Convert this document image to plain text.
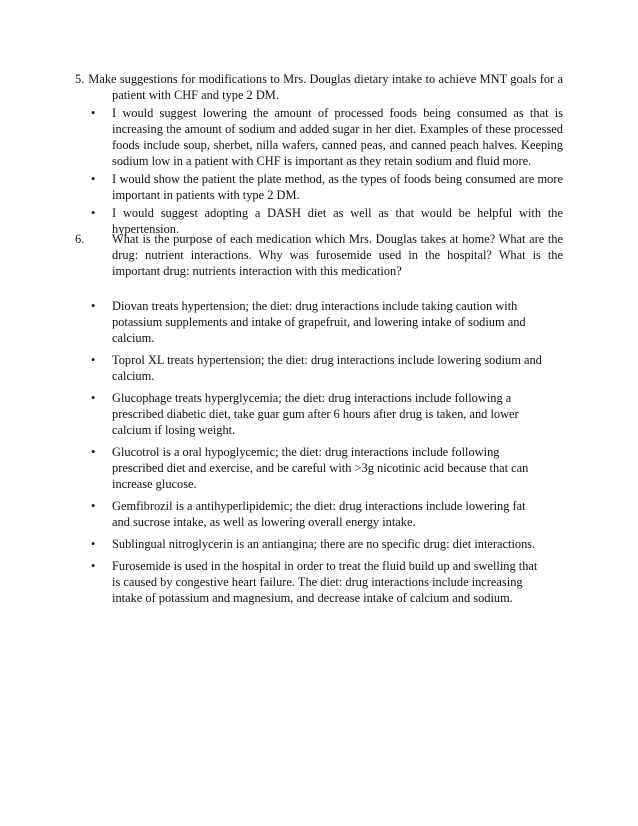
5. Make suggestions for modifications to Mrs. Douglas dietary intake to achieve MNT goals for a patient with CHF and type 2 DM.

• I would suggest lowering the amount of processed foods being consumed as that is increasing the amount of sodium and added sugar in her diet. Examples of these processed foods include soup, sherbet, nilla wafers, canned peas, and canned peach halves. Keeping sodium low in a patient with CHF is important as they retain sodium and fluid more.
• I would show the patient the plate method, as the types of foods being consumed are more important in patients with type 2 DM.
• I would suggest adopting a DASH diet as well as that would be helpful with the hypertension.

6. What is the purpose of each medication which Mrs. Douglas takes at home? What are the drug: nutrient interactions. Why was furosemide used in the hospital? What is the important drug: nutrients interaction with this medication?

• Diovan treats hypertension; the diet: drug interactions include taking caution with potassium supplements and intake of grapefruit, and lowering intake of sodium and calcium.
• Toprol XL treats hypertension; the diet: drug interactions include lowering sodium and calcium.
• Glucophage treats hyperglycemia; the diet: drug interactions include following a prescribed diabetic diet, take guar gum after 6 hours after drug is taken, and lower calcium if losing weight.
• Glucotrol is a oral hypoglycemic; the diet: drug interactions include following prescribed diet and exercise, and be careful with >3g nicotinic acid because that can increase glucose.
• Gemfibrozil is a antihyperlipidemic; the diet: drug interactions include lowering fat and sucrose intake, as well as lowering overall energy intake.
• Sublingual nitroglycerin is an antiangina; there are no specific drug: diet interactions.
• Furosemide is used in the hospital in order to treat the fluid build up and swelling that is caused by congestive heart failure. The diet: drug interactions include increasing intake of potassium and magnesium, and decrease intake of calcium and sodium.
